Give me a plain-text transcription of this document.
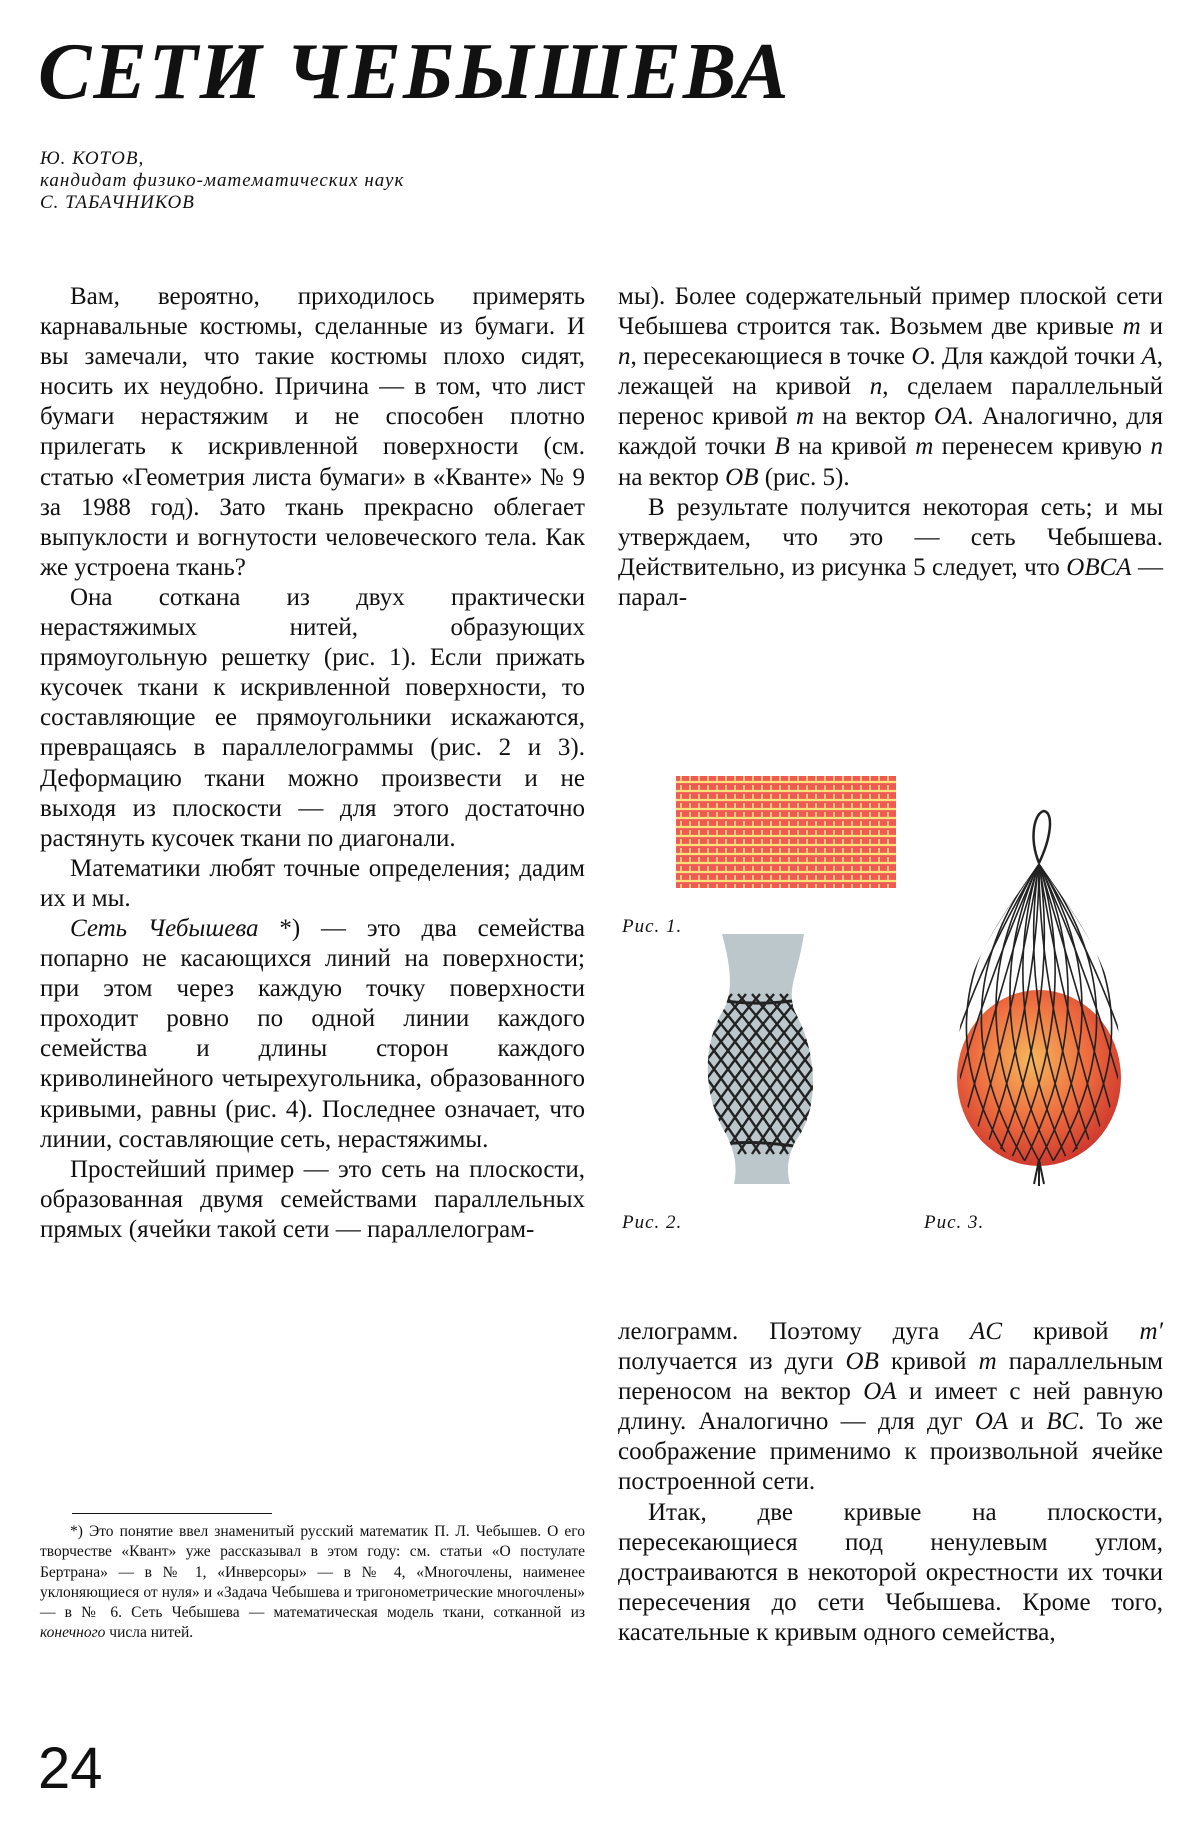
СЕТИ ЧЕБЫШЕВА
Ю. КОТОВ,
кандидат физико-математических наук
С. ТАБАЧНИКОВ

Вам, вероятно, приходилось примерять карнавальные костюмы, сделанные из бумаги. И вы замечали, что такие костюмы плохо сидят, носить их неудобно. Причина — в том, что лист бумаги нерастяжим и не способен плотно прилегать к искривленной поверхности (см. статью «Геометрия листа бумаги» в «Кванте» № 9 за 1988 год). Зато ткань прекрасно облегает выпуклости и вогнутости человеческого тела. Как же устроена ткань?

Она соткана из двух практически нерастяжимых нитей, образующих прямоугольную решетку (рис. 1). Если прижать кусочек ткани к искривленной поверхности, то составляющие ее прямоугольники искажаются, превращаясь в параллелограммы (рис. 2 и 3). Деформацию ткани можно произвести и не выходя из плоскости — для этого достаточно растянуть кусочек ткани по диагонали.

Математики любят точные определения; дадим их и мы.

Сеть Чебышева *) — это два семейства попарно не касающихся линий на поверхности; при этом через каждую точку поверхности проходит ровно по одной линии каждого семейства и длины сторон каждого криволинейного четырехугольника, образованного кривыми, равны (рис. 4). Последнее означает, что линии, составляющие сеть, нерастяжимы.

Простейший пример — это сеть на плоскости, образованная двумя семействами параллельных прямых (ячейки такой сети — параллелограм-

*) Это понятие ввел знаменитый русский математик П. Л. Чебышев. О его творчестве «Квант» уже рассказывал в этом году: см. статьи «О постулате Бертрана» — в № 1, «Инверсоры» — в № 4, «Многочлены, наименее уклоняющиеся от нуля» и «Задача Чебышева и тригонометрические многочлены» — в № 6. Сеть Чебышева — математическая модель ткани, сотканной из конечного числа нитей.

мы). Более содержательный пример плоской сети Чебышева строится так. Возьмем две кривые m и n, пересекающиеся в точке O. Для каждой точки A, лежащей на кривой n, сделаем параллельный перенос кривой m на вектор OA. Аналогично, для каждой точки B на кривой m перенесем кривую n на вектор OB (рис. 5).

В результате получится некоторая сеть; и мы утверждаем, что это — сеть Чебышева. Действительно, из рисунка 5 следует, что OBCA — парал-

Рис. 1.
Рис. 2.	Рис. 3.

лелограмм. Поэтому дуга AC кривой m′ получается из дуги OB кривой m параллельным переносом на вектор OA и имеет с ней равную длину. Аналогично — для дуг OA и BC. То же соображение применимо к произвольной ячейке построенной сети.

Итак, две кривые на плоскости, пересекающиеся под ненулевым углом, достраиваются в некоторой окрестности их точки пересечения до сети Чебышева. Кроме того, касательные к кривым одного семейства,

24
